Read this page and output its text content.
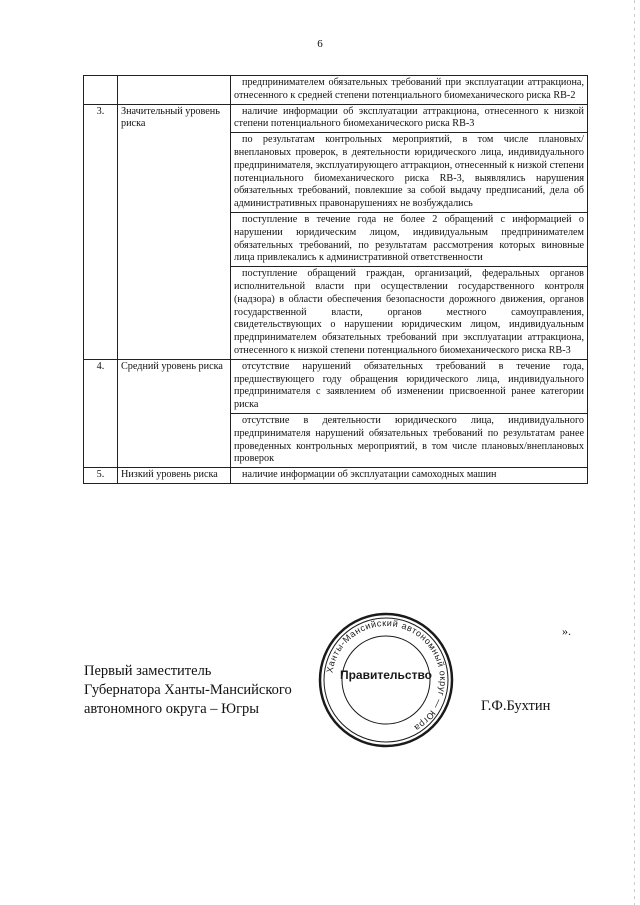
6
		предпринимателем обязательных требований при эксплуатации аттракциона, отнесенного к средней степени потенциального биомеханического риска RB-2
3.	Значительный уровень риска	наличие информации об эксплуатации аттракциона, отнесенного к низкой степени потенциального биомеханического риска RB-3
		по результатам контрольных мероприятий, в том числе плановых/внеплановых проверок, в деятельности юридического лица, индивидуального предпринимателя, эксплуатирующего аттракцион, отнесенный к низкой степени потенциального биомеханического риска RB-3, выявлялись нарушения обязательных требований, повлекшие за собой выдачу предписаний, дела об административных правонарушениях не возбуждались
		поступление в течение года не более 2 обращений с информацией о нарушении юридическим лицом, индивидуальным предпринимателем обязательных требований, по результатам рассмотрения которых виновные лица привлекались к административной ответственности
		поступление обращений граждан, организаций, федеральных органов исполнительной власти при осуществлении государственного контроля (надзора) в области обеспечения безопасности дорожного движения, органов государственной власти, органов местного самоуправления, свидетельствующих о нарушении юридическим лицом, индивидуальным предпринимателем обязательных требований при эксплуатации аттракциона, отнесенного к низкой степени потенциального биомеханического риска RB-3
4.	Средний уровень риска	отсутствие нарушений обязательных требований в течение года, предшествующего году обращения юридического лица, индивидуального предпринимателя с заявлением об изменении присвоенной ранее категории риска
		отсутствие в деятельности юридического лица, индивидуального предпринимателя нарушений обязательных требований по результатам ранее проведенных контрольных мероприятий, в том числе плановых/внеплановых проверок
5.	Низкий уровень риска	наличие информации об эксплуатации самоходных машин
».
Первый заместитель
Губернатора Ханты-Мансийского
автономного округа – Югры
Ханты-Мансийский автономный округ — Югра
Правительство
Г.Ф.Бухтин
